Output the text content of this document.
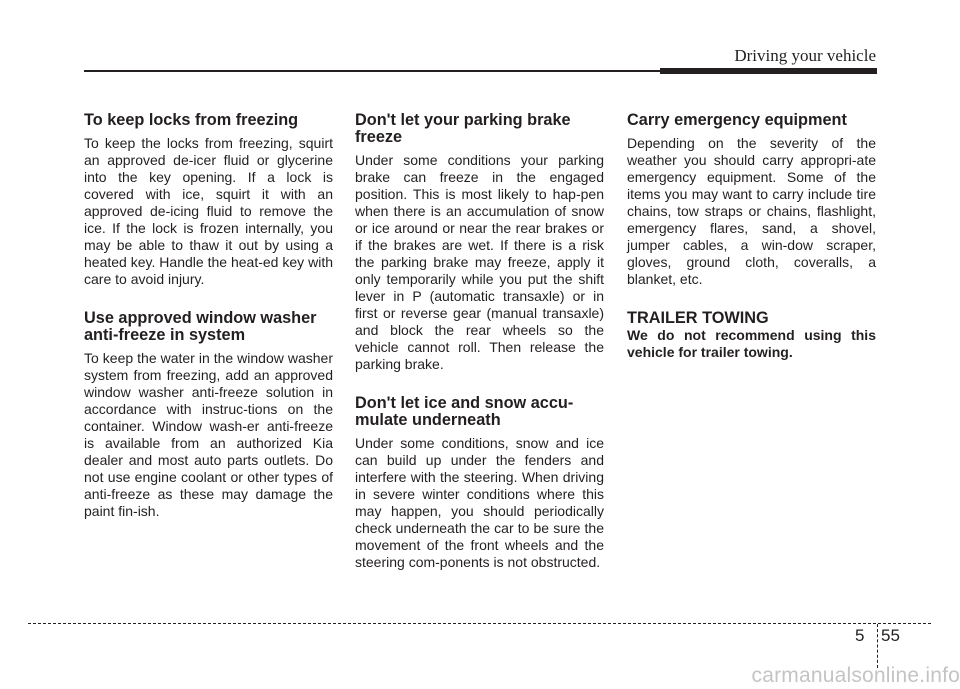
Driving your vehicle
To keep locks from freezing

To keep the locks from freezing, squirt an approved de-icer fluid or glycerine into the key opening. If a lock is covered with ice, squirt it with an approved de-icing fluid to remove the ice. If the lock is frozen internally, you may be able to thaw it out by using a heated key. Handle the heat-ed key with care to avoid injury.

Use approved window washer anti-freeze in system

To keep the water in the window washer system from freezing, add an approved window washer anti-freeze solution in accordance with instruc-tions on the container. Window wash-er anti-freeze is available from an authorized Kia dealer and most auto parts outlets. Do not use engine coolant or other types of anti-freeze as these may damage the paint fin-ish.

Don't let your parking brake freeze

Under some conditions your parking brake can freeze in the engaged position. This is most likely to hap-pen when there is an accumulation of snow or ice around or near the rear brakes or if the brakes are wet. If there is a risk the parking brake may freeze, apply it only temporarily while you put the shift lever in P (automatic transaxle) or in first or reverse gear (manual transaxle) and block the rear wheels so the vehicle cannot roll. Then release the parking brake.

Don't let ice and snow accu-mulate underneath

Under some conditions, snow and ice can build up under the fenders and interfere with the steering. When driving in severe winter conditions where this may happen, you should periodically check underneath the car to be sure the movement of the front wheels and the steering com-ponents is not obstructed.

Carry emergency equipment

Depending on the severity of the weather you should carry appropri-ate emergency equipment. Some of the items you may want to carry include tire chains, tow straps or chains, flashlight, emergency flares, sand, a shovel, jumper cables, a win-dow scraper, gloves, ground cloth, coveralls, a blanket, etc.

TRAILER TOWING

We do not recommend using this vehicle for trailer towing.

5 55
carmanualsonline.info
